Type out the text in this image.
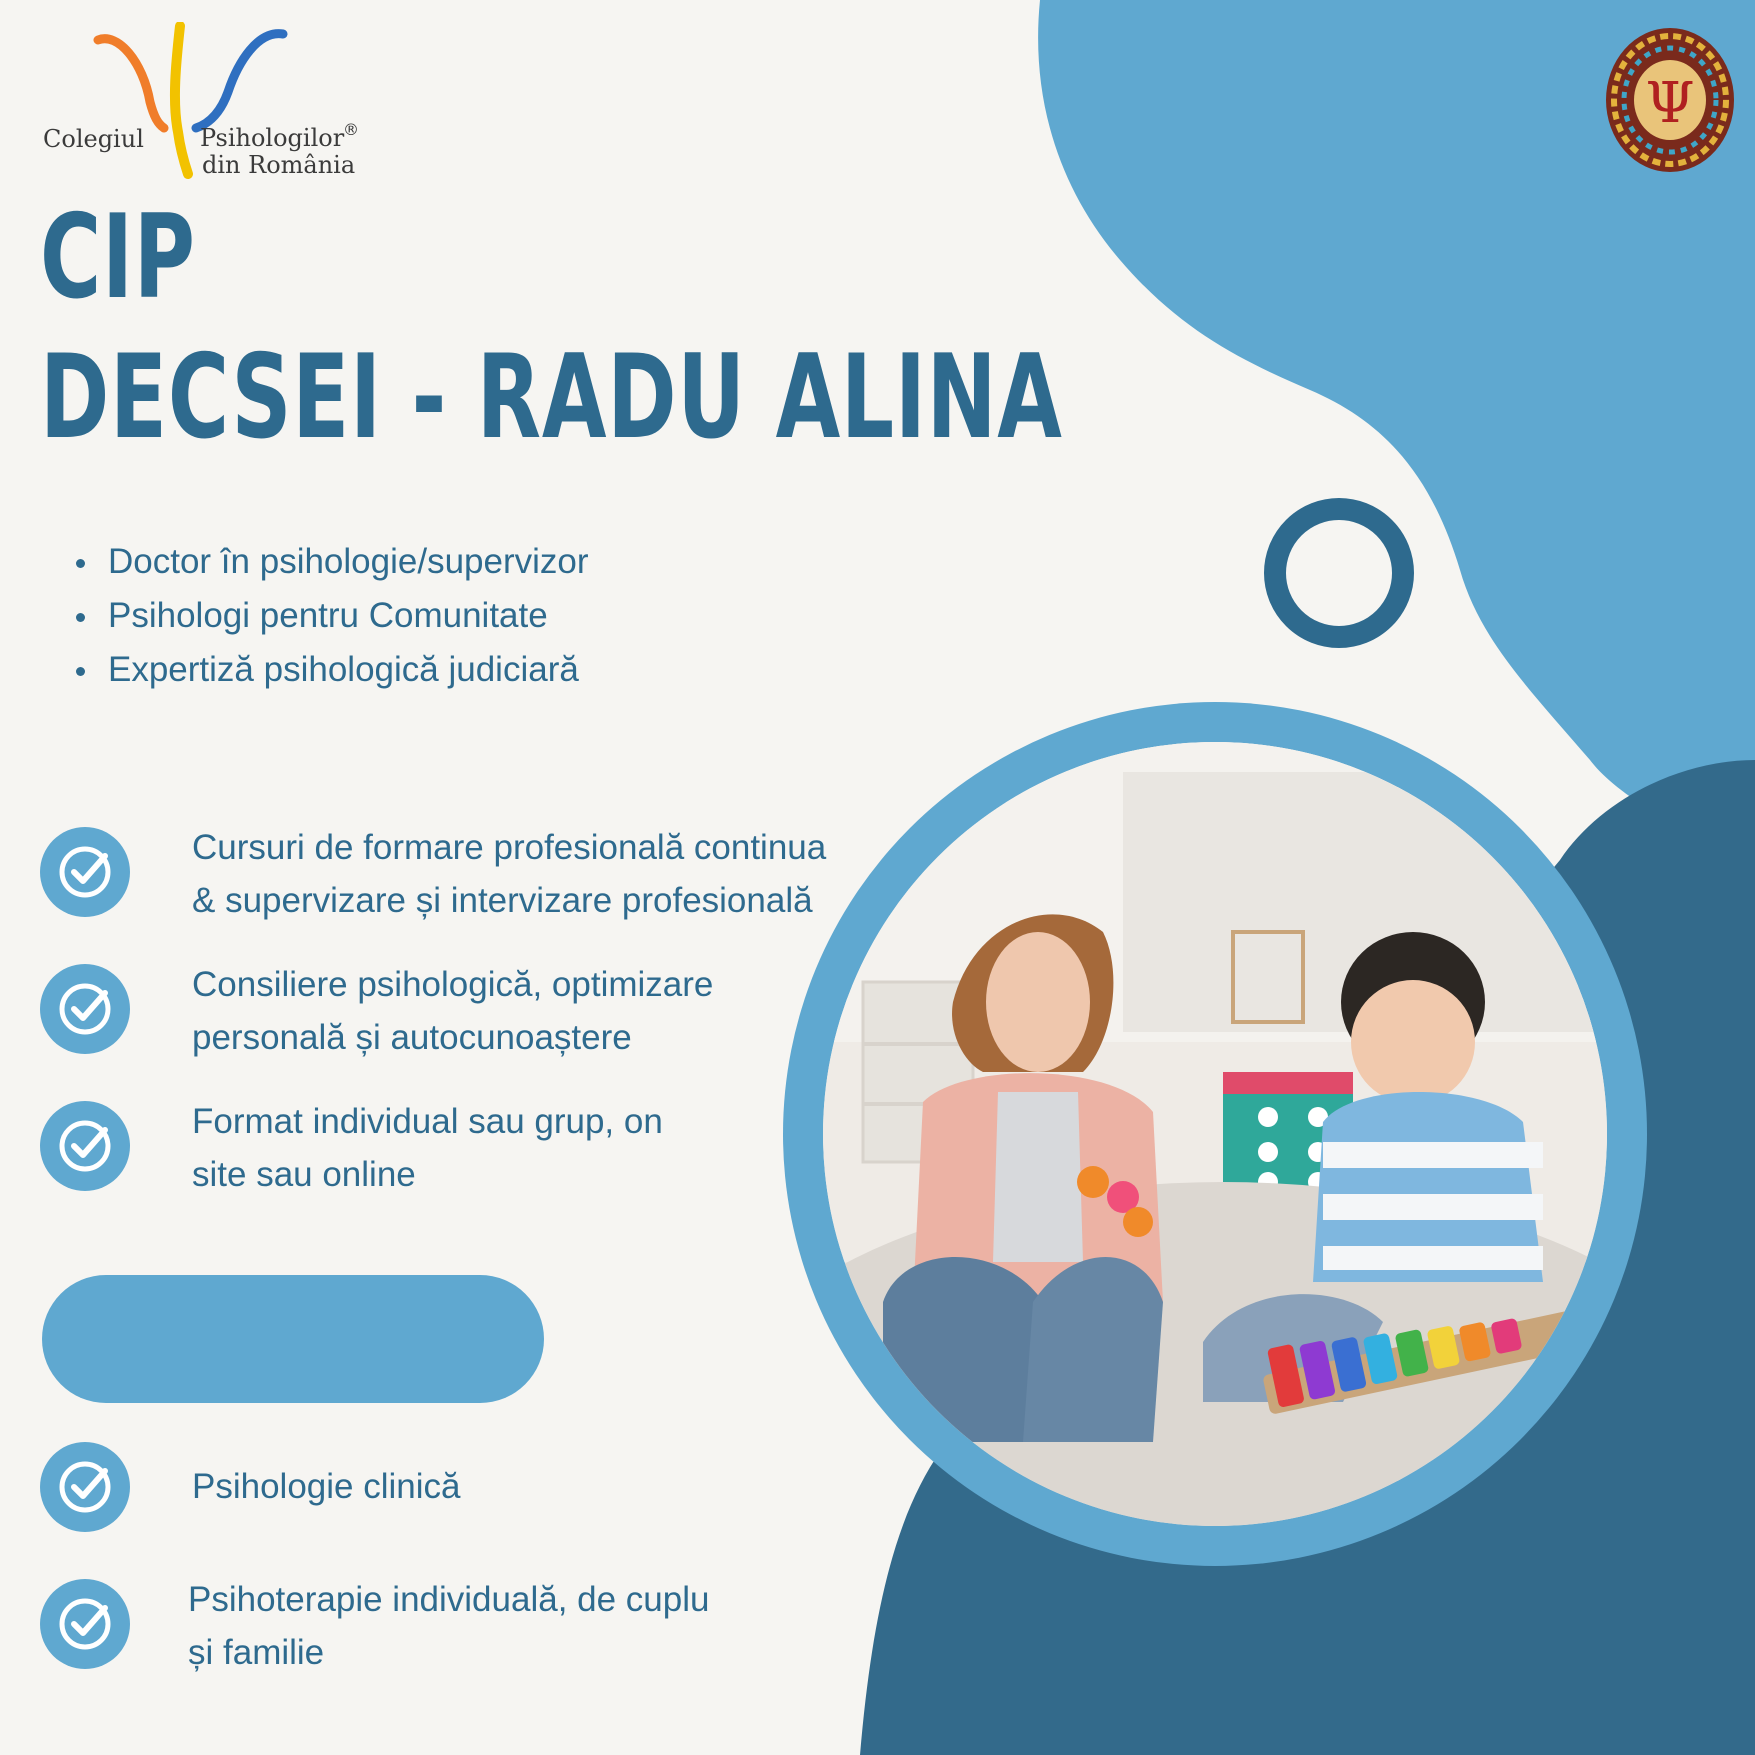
Colegiul Psihologilor
®
din România
Ψ
CIP
DECSEI - RADU ALINA
Doctor în psihologie/supervizor
Psihologi pentru Comunitate
Expertiză psihologică judiciară
Cursuri de formare profesională continua
& supervizare și intervizare profesională
Consiliere psihologică, optimizare
personală și autocunoaștere
Format individual sau grup, on
site sau online
Psihologie clinică
Psihoterapie individuală, de cuplu
și familie
